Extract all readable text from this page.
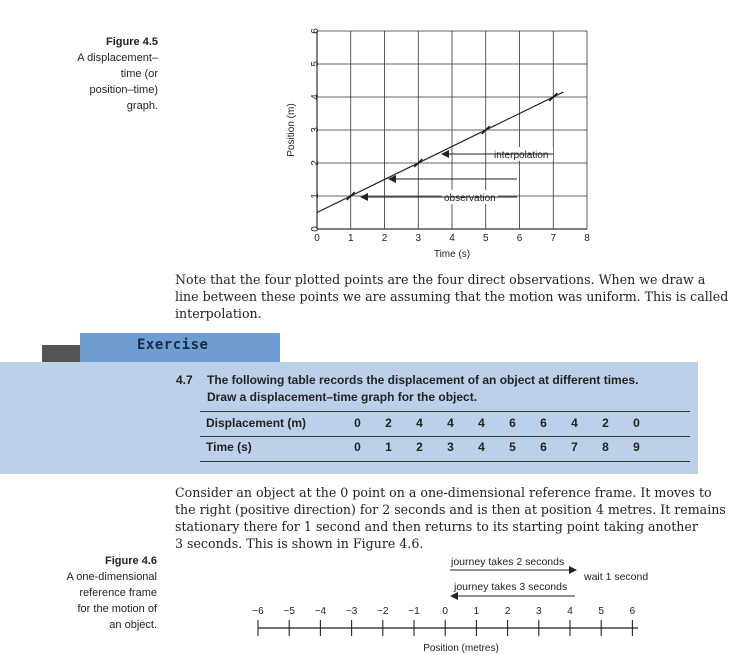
Figure 4.5
A displacement–
time (or
position–time)
graph.
0	1	2	3	4	5	6	7	8
0
1
2
3
4
5
6
interpolation
observation
Position (m)
Time (s)
Note that the four plotted points are the four direct observations. When we draw a
line between these points we are assuming that the motion was uniform. This is called
interpolation.
Exercise
4.7 The following table records the displacement of an object at different times.
Draw a displacement–time graph for the object.
Displacement (m)	0	2	4	4	4	6	6	4	2	0	
Time (s)	0	1	2	3	4	5	6	7	8	9	
Consider an object at the 0 point on a one-dimensional reference frame. It moves to
the right (positive direction) for 2 seconds and is then at position 4 metres. It remains
stationary there for 1 second and then returns to its starting point taking another
3 seconds. This is shown in Figure 4.6.
Figure 4.6
A one-dimensional
reference frame
for the motion of
an object.
journey takes 2 seconds
wait 1 second
journey takes 3 seconds
−6 −5 −4 −3 −2 −1 0	1	2	3	4	5	6
Position (metres)
